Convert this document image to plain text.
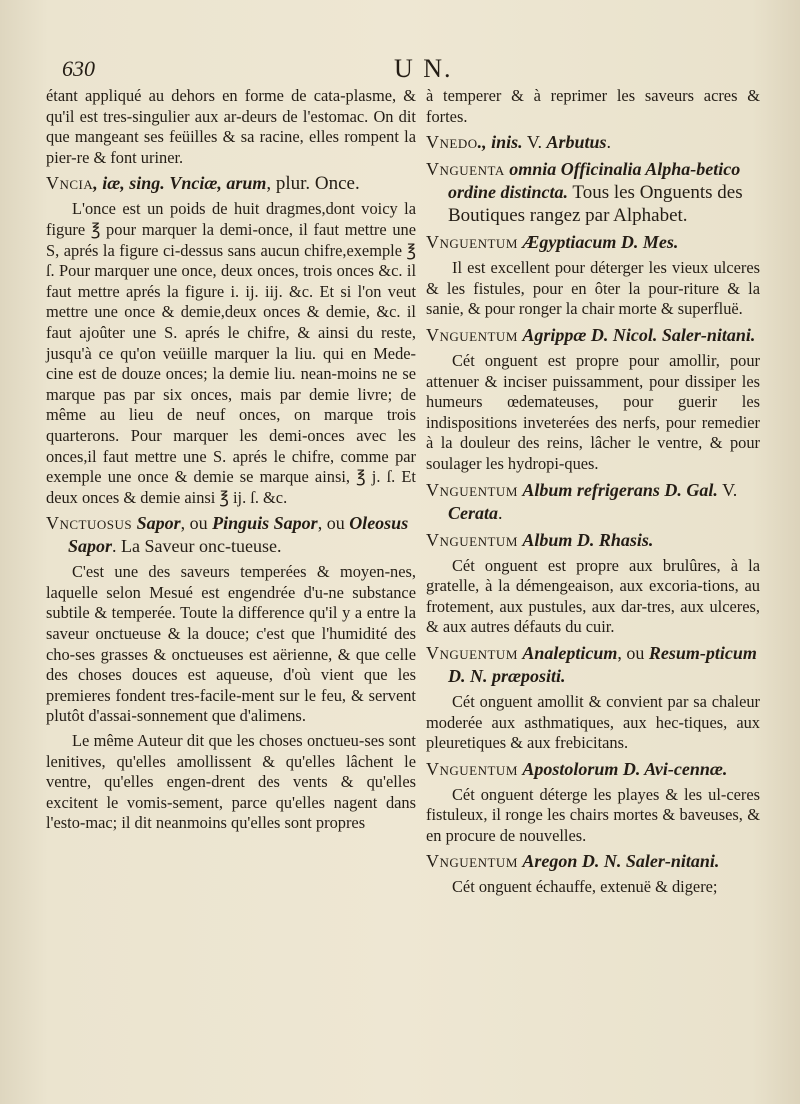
630	U N.

étant appliqué au dehors en forme de cata-plasme, & qu'il est tres-singulier aux ar-deurs de l'estomac. On dit que mangeant ses feüilles & sa racine, elles rompent la pier-re & font uriner.

Vncia, iæ, sing. Vnciæ, arum, plur. Once.

L'once est un poids de huit dragmes,dont voicy la figure ℥ pour marquer la demi-once, il faut mettre une S, aprés la figure ci-dessus sans aucun chifre,exemple ℥ ſ. Pour marquer une once, deux onces, trois onces &c. il faut mettre aprés la figure i. ij. iij. &c. Et si l'on veut mettre une once & demie,deux onces & demie, &c. il faut ajoûter une S. aprés le chifre, & ainsi du reste, jusqu'à ce qu'on veüille marquer la liu. qui en Mede-cine est de douze onces; la demie liu. nean-moins ne se marque pas par six onces, mais par demie livre; de même au lieu de neuf onces, on marque trois quarterons. Pour marquer les demi-onces avec les onces,il faut mettre une S. aprés le chifre, comme par exemple une once & demie se marque ainsi, ℥ j. ſ. Et deux onces & demie ainsi ℥ ij. ſ. &c.

Vnctuosus Sapor, ou Pinguis Sapor, ou Oleosus Sapor. La Saveur onc-tueuse.

C'est une des saveurs temperées & moyen-nes, laquelle selon Mesué est engendrée d'u-ne substance subtile & temperée. Toute la difference qu'il y a entre la saveur onctueuse & la douce; c'est que l'humidité des cho-ses grasses & onctueuses est aërienne, & que celle des choses douces est aqueuse, d'où vient que les premieres fondent tres-facile-ment sur le feu, & servent plutôt d'assai-sonnement que d'alimens.

Le même Auteur dit que les choses onctueu-ses sont lenitives, qu'elles amollissent & qu'elles lâchent le ventre, qu'elles engen-drent des vents & qu'elles excitent le vomis-sement, parce qu'elles nagent dans l'esto-mac; il dit neanmoins qu'elles sont propres

à temperer & à reprimer les saveurs acres & fortes.

Vnedo., inis. V. Arbutus.
Vnguenta omnia Officinalia Alpha-betico ordine distincta. Tous les Onguents des Boutiques rangez par Alphabet.
Vnguentum Ægyptiacum D. Mes.

Il est excellent pour déterger les vieux ulceres & les fistules, pour en ôter la pour-riture & la sanie, & pour ronger la chair morte & superfluë.

Vnguentum Agrippæ D. Nicol. Saler-nitani.

Cét onguent est propre pour amollir, pour attenuer & inciser puissamment, pour dissiper les humeurs œdemateuses, pour guerir les indispositions inveterées des nerfs, pour remedier à la douleur des reins, lâcher le ventre, & pour soulager les hydropi-ques.

Vnguentum Album refrigerans D. Gal. V. Cerata.
Vnguentum Album D. Rhasis.

Cét onguent est propre aux brulûres, à la gratelle, à la démengeaison, aux excoria-tions, au frotement, aux pustules, aux dar-tres, aux ulceres, & aux autres défauts du cuir.

Vnguentum Analepticum, ou Resum-pticum D. N. præpositi.

Cét onguent amollit & convient par sa chaleur moderée aux asthmatiques, aux hec-tiques, aux pleuretiques & aux frebicitans.

Vnguentum Apostolorum D. Avi-cennæ.

Cét onguent déterge les playes & les ul-ceres fistuleux, il ronge les chairs mortes & baveuses, & en procure de nouvelles.

Vnguentum Aregon D. N. Saler-nitani.

Cét onguent échauffe, extenuë & digere;
